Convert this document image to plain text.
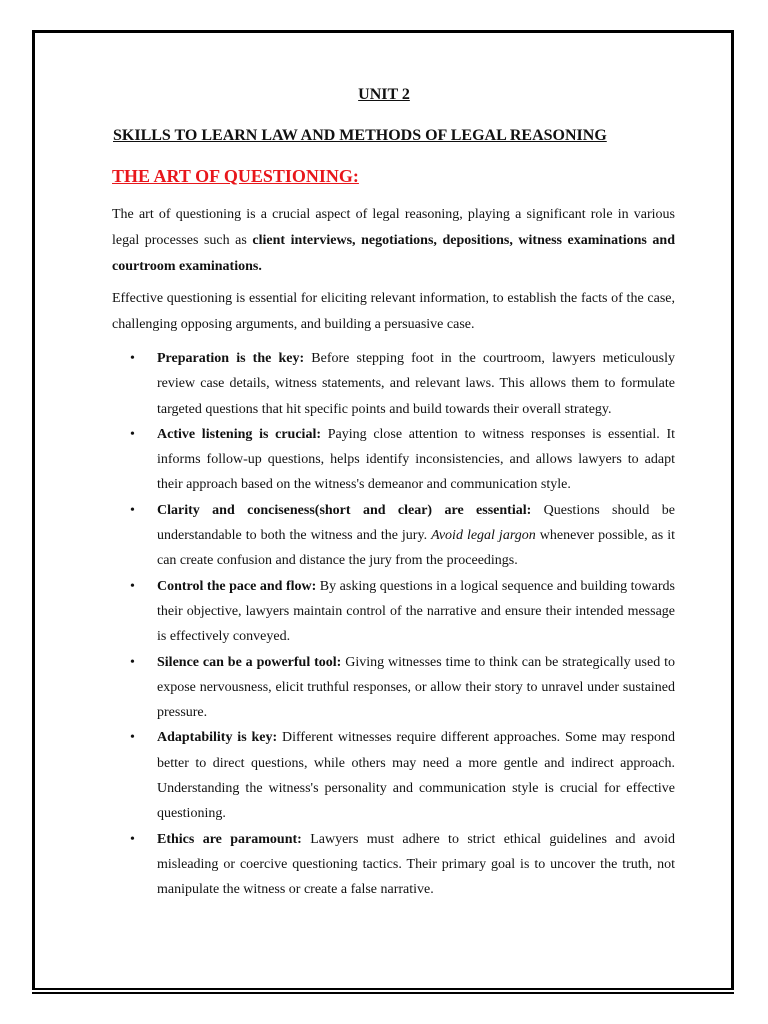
UNIT 2
SKILLS TO LEARN LAW AND METHODS OF LEGAL REASONING
THE ART OF QUESTIONING:

The art of questioning is a crucial aspect of legal reasoning, playing a significant role in various legal processes such as client interviews, negotiations, depositions, witness examinations and courtroom examinations.

Effective questioning is essential for eliciting relevant information, to establish the facts of the case, challenging opposing arguments, and building a persuasive case.

• Preparation is the key: Before stepping foot in the courtroom, lawyers meticulously review case details, witness statements, and relevant laws. This allows them to formulate targeted questions that hit specific points and build towards their overall strategy.
• Active listening is crucial: Paying close attention to witness responses is essential. It informs follow-up questions, helps identify inconsistencies, and allows lawyers to adapt their approach based on the witness's demeanor and communication style.
• Clarity and conciseness(short and clear) are essential: Questions should be understandable to both the witness and the jury. Avoid legal jargon whenever possible, as it can create confusion and distance the jury from the proceedings.
• Control the pace and flow: By asking questions in a logical sequence and building towards their objective, lawyers maintain control of the narrative and ensure their intended message is effectively conveyed.
• Silence can be a powerful tool: Giving witnesses time to think can be strategically used to expose nervousness, elicit truthful responses, or allow their story to unravel under sustained pressure.
• Adaptability is key: Different witnesses require different approaches. Some may respond better to direct questions, while others may need a more gentle and indirect approach. Understanding the witness's personality and communication style is crucial for effective questioning.
• Ethics are paramount: Lawyers must adhere to strict ethical guidelines and avoid misleading or coercive questioning tactics. Their primary goal is to uncover the truth, not manipulate the witness or create a false narrative.
